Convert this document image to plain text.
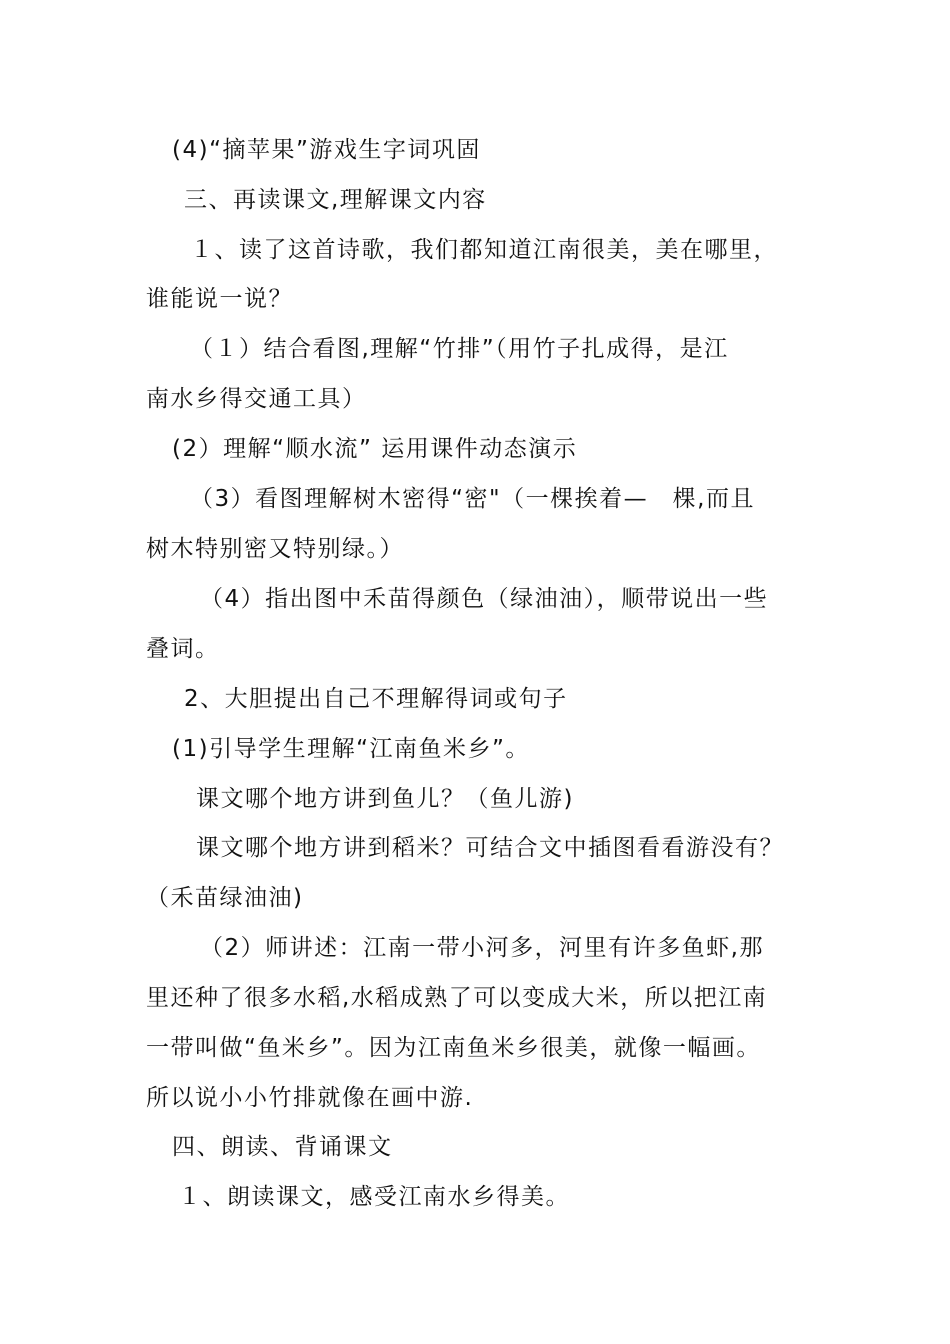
(4)“摘苹果”游戏生字词巩固
三、再读课文,理解课文内容
１、读了这首诗歌，我们都知道江南很美，美在哪里，
谁能说一说？
（１）结合看图,理解“竹排”（用竹子扎成得，是江
南水乡得交通工具）
(2）理解“顺水流” 运用课件动态演示
（3）看图理解树木密得“密"（一棵挨着—　棵,而且
树木特别密又特别绿。）
（4）指出图中禾苗得颜色（绿油油），顺带说出一些
叠词。
2、大胆提出自己不理解得词或句子
(1)引导学生理解“江南鱼米乡”。
课文哪个地方讲到鱼儿？（鱼儿游)
课文哪个地方讲到稻米？可结合文中插图看看游没有？
（禾苗绿油油)
（2）师讲述：江南一带小河多，河里有许多鱼虾,那
里还种了很多水稻,水稻成熟了可以变成大米，所以把江南
一带叫做“鱼米乡”。因为江南鱼米乡很美，就像一幅画。
所以说小小竹排就像在画中游.
四、朗读、背诵课文
１、朗读课文，感受江南水乡得美。
